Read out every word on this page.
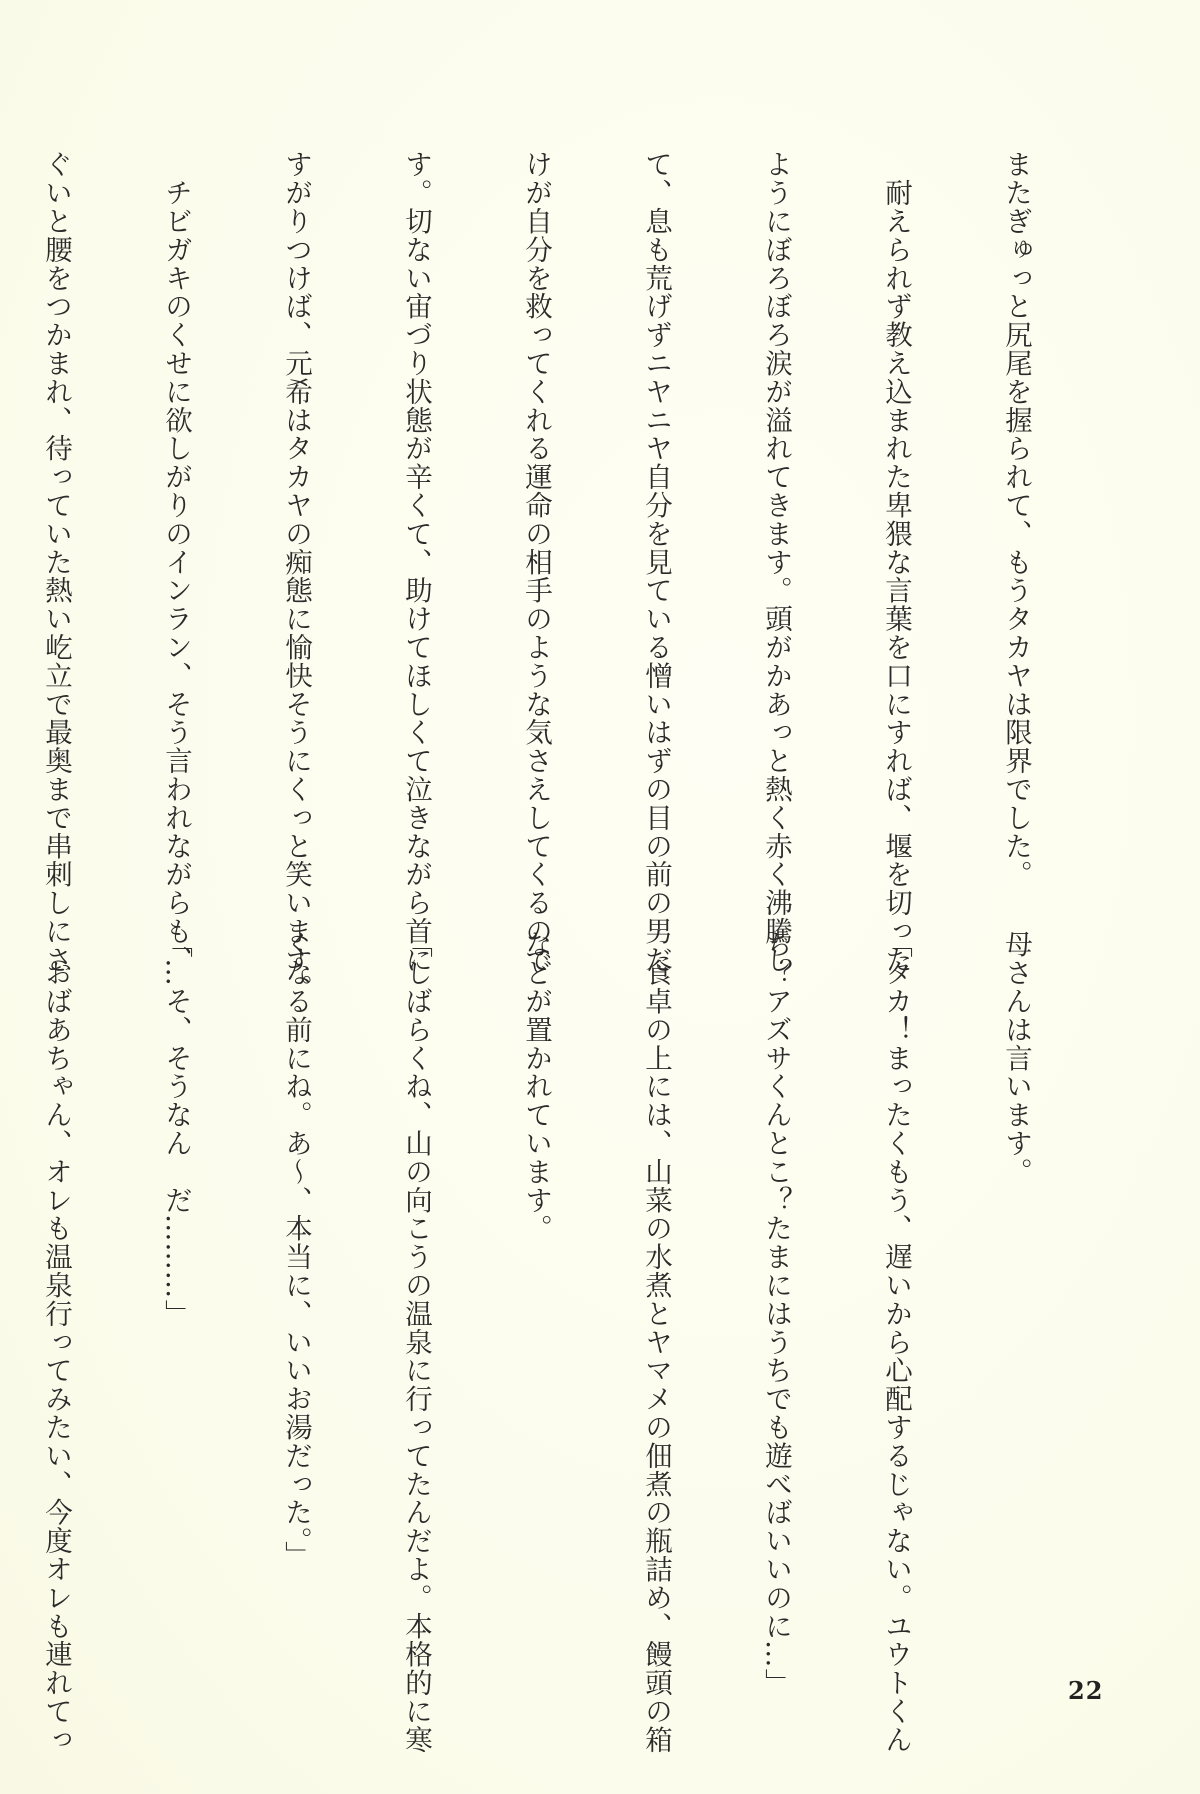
またぎゅっと尻尾を握られて、もうタカヤは限界でした。

　耐えられず教え込まれた卑猥な言葉を口にすれば、堰を切った

ようにぼろぼろ涙が溢れてきます。頭がかあっと熱く赤く沸騰し

て、息も荒げずニヤニヤ自分を見ている憎いはずの目の前の男だ

けが自分を救ってくれる運命の相手のような気さえしてくるので

す。切ない宙づり状態が辛くて、助けてほしくて泣きながら首に

すがりつけば、元希はタカヤの痴態に愉快そうにくっと笑います。

　チビガキのくせに欲しがりのインラン、そう言われながらも、

ぐいと腰をつかまれ、待っていた熱い屹立で最奥まで串刺しにさ

母さんは言います。

「タカ！まったくもう、遅いから心配するじゃない。ユウトくん

ち？アズサくんとこ？たまにはうちでも遊べばいいのに…」

　食卓の上には、山菜の水煮とヤマメの佃煮の瓶詰め、饅頭の箱

などが置かれています。

「しばらくね、山の向こうの温泉に行ってたんだよ。本格的に寒

くなる前にね。あ～、本当に、いいお湯だった。」

「…そ、そうなん　だ………」

　おばあちゃん、オレも温泉行ってみたい、今度オレも連れてっ

	22
